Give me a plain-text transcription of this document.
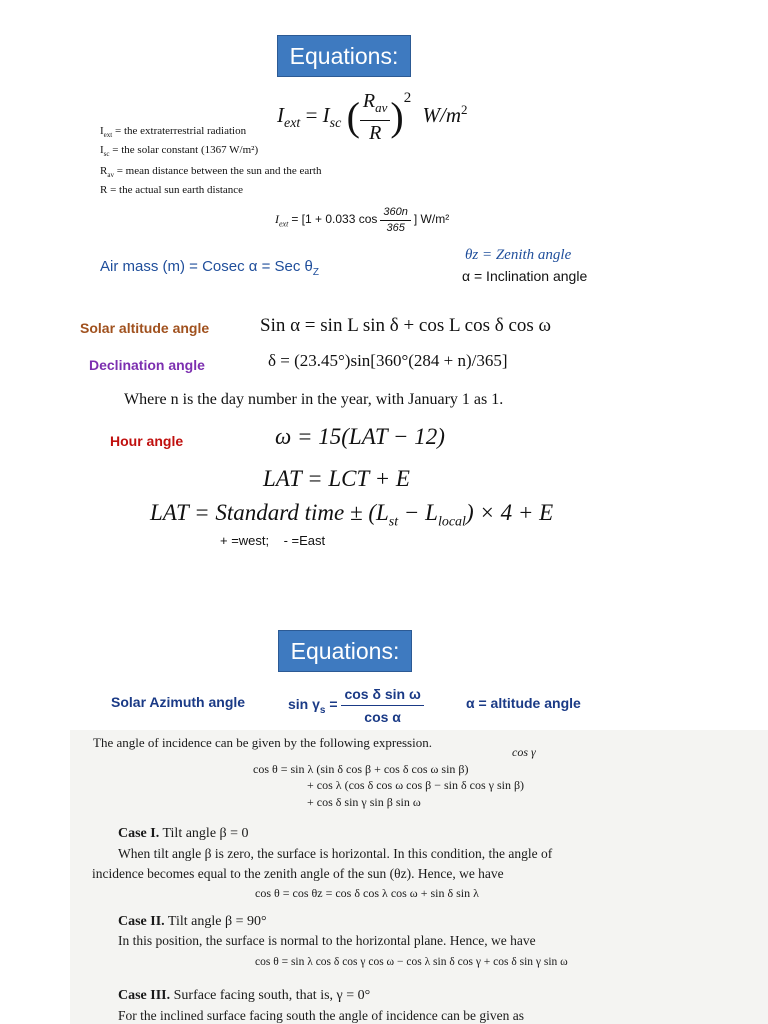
Equations:
$I_{ext} = I_{sc}$ ( $\frac{R_{av}}{R} )^2$ $W/m^2$
$I_{ext}$ = the extraterrestrial radiation
$I_{sc}$ = the solar constant (1367 W/m²)
$R_{av}$ = mean distance between the sun and the earth
R = the actual sun earth distance
$I_{ext} = [1 + 0.033$ $\cos \frac{360n}{365}$ ] W/m²
Air mass (m) = Cosec α = Sec $\theta_Z$
θz = Zenith angle
α = Inclination angle
Solar altitude angle	Sin α = sin L sin δ + cos L cos δ cos ω
Declination angle	δ = (23.45°)sin[360°(284 + n)/365]
Where n is the day number in the year, with January 1 as 1.
Hour angle	ω = 15(LAT − 12)
LAT = LCT + E
LAT = Standard time ± $(L_{st} - L_{local}) \times 4 + E$
+ =west;    - =East
Equations:
Solar Azimuth angle	$\sin \gamma_s = \frac{\text{cos δ sin ω}}{\text{cos α}}$	α = altitude angle
The angle of incidence can be given by the following expression.
cos γ
cos θ = sin λ (sin δ cos β + cos δ cos ω sin β)
+ cos λ (cos δ cos ω cos β − sin δ cos γ sin β)
+ cos δ sin γ sin β sin ω
Case I. Tilt angle β = 0
When tilt angle β is zero, the surface is horizontal. In this condition, the angle of
incidence becomes equal to the zenith angle of the sun (θz). Hence, we have
cos θ = cos θz = cos δ cos λ cos ω + sin δ sin λ
Case II. Tilt angle β = 90°
In this position, the surface is normal to the horizontal plane. Hence, we have
cos θ = sin λ cos δ cos γ cos ω − cos λ sin δ cos γ + cos δ sin γ sin ω
Case III. Surface facing south, that is, γ = 0°
For the inclined surface facing south the angle of incidence can be given as
